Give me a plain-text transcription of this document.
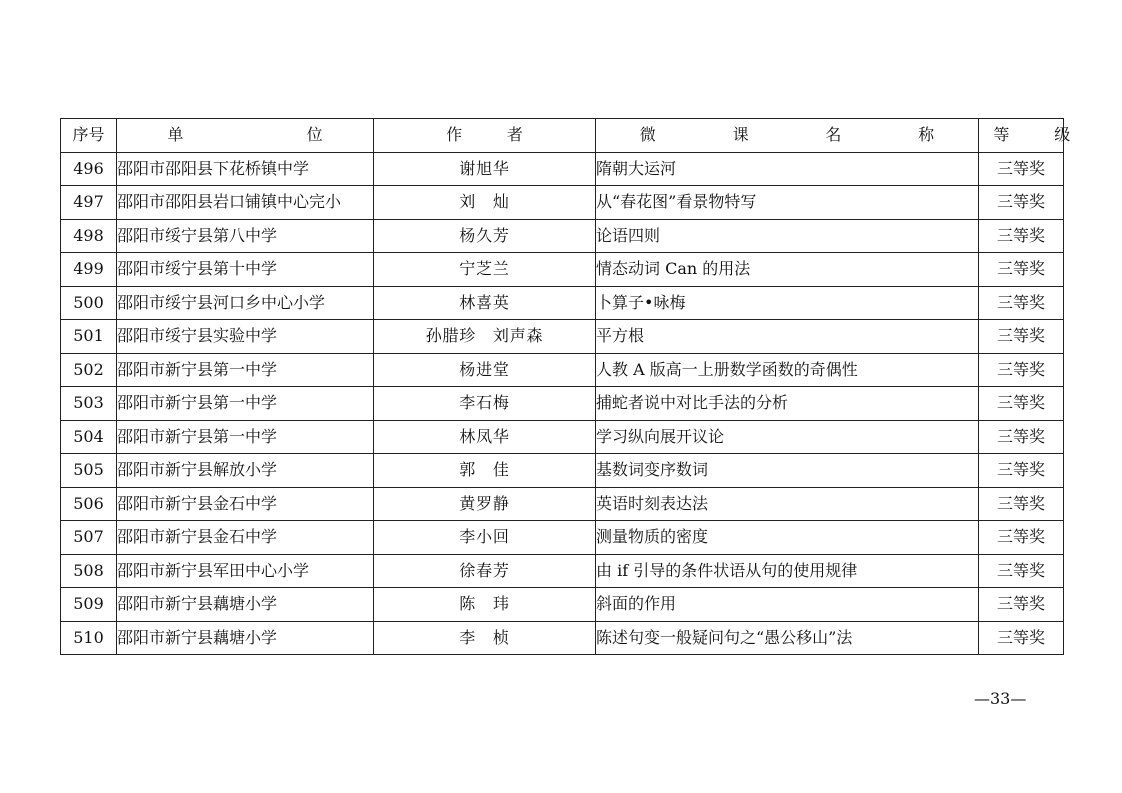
序号	单　　位	作　者	微　课　名　称	等　级
496	邵阳市邵阳县下花桥镇中学	谢旭华	隋朝大运河	三等奖
497	邵阳市邵阳县岩口铺镇中心完小	刘　灿	从“春花图”看景物特写	三等奖
498	邵阳市绥宁县第八中学	杨久芳	论语四则	三等奖
499	邵阳市绥宁县第十中学	宁芝兰	情态动词 Can 的用法	三等奖
500	邵阳市绥宁县河口乡中心小学	林喜英	卜算子•咏梅	三等奖
501	邵阳市绥宁县实验中学	孙腊珍　刘声森	平方根	三等奖
502	邵阳市新宁县第一中学	杨进堂	人教 A 版高一上册数学函数的奇偶性	三等奖
503	邵阳市新宁县第一中学	李石梅	捕蛇者说中对比手法的分析	三等奖
504	邵阳市新宁县第一中学	林凤华	学习纵向展开议论	三等奖
505	邵阳市新宁县解放小学	郭　佳	基数词变序数词	三等奖
506	邵阳市新宁县金石中学	黄罗静	英语时刻表达法	三等奖
507	邵阳市新宁县金石中学	李小回	测量物质的密度	三等奖
508	邵阳市新宁县军田中心小学	徐春芳	由 if 引导的条件状语从句的使用规律	三等奖
509	邵阳市新宁县藕塘小学	陈　玮	斜面的作用	三等奖
510	邵阳市新宁县藕塘小学	李　桢	陈述句变一般疑问句之“愚公移山”法	三等奖
—33—
